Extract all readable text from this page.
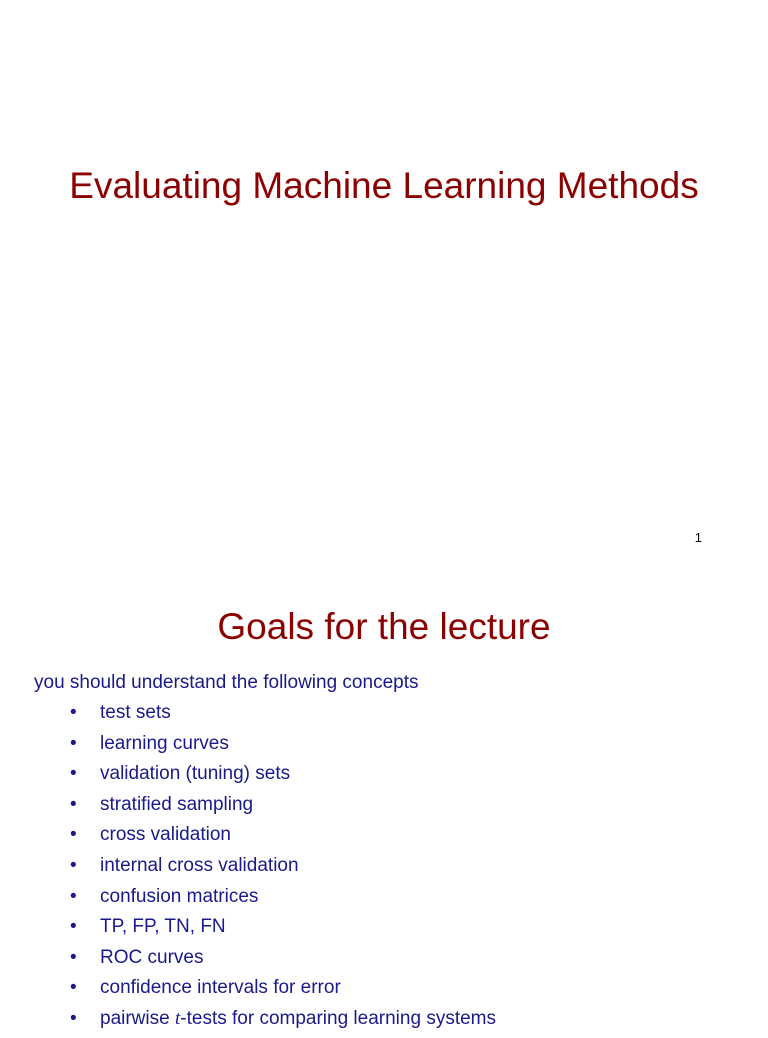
Evaluating Machine Learning Methods
1
Goals for the lecture

you should understand the following concepts

• test sets
• learning curves
• validation (tuning) sets
• stratified sampling
• cross validation
• internal cross validation
• confusion matrices
• TP, FP, TN, FN
• ROC curves
• confidence intervals for error
• pairwise t-tests for comparing learning systems
